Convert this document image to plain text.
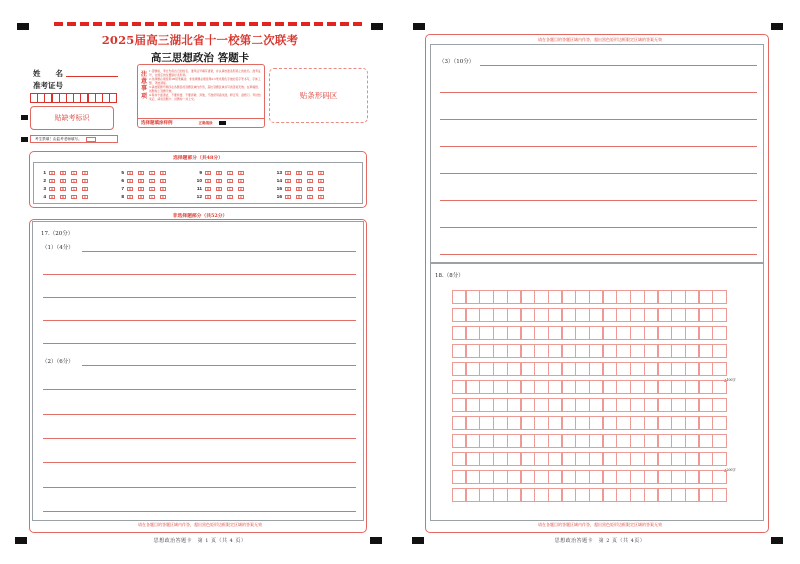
2025届高三湖北省十一校第二次联考
高三思想政治 答题卡
姓　　名
准考证号
贴缺考标识
考生禁填！由监考老师填写。
注
意
事
项
1.答题前，考生先将自己的姓名、准考证号填写清楚，并认真核准条形码上的姓名、准考证号，在规定的位置贴好条形码。
2.选择题必须使用2B铅笔填涂；非选择题必须使用0.5毫米黑色字迹的签字笔书写，字体工整、笔迹清楚。
3.请按照题号顺序在各题目的答题区域内作答，超出答题区域书写的答案无效；在草稿纸、试题卷上答题无效。
4.保持卡面清洁，不要折叠、不要弄破、弄皱，不准使用涂改液、修正带、刮纸刀。考试结束后，请将答题卡、试题卷一并上交。
选择题填涂样例	正确填涂
贴条形码区
选择题部分（共48分）
1	A	B	C	D
2	A	B	C	D
3	A	B	C	D
4	A	B	C	D
5	A	B	C	D
6	A	B	C	D
7	A	B	C	D
8	A	B	C	D
9	A	B	C	D
10	A	B	C	D
11	A	B	C	D
12	A	B	C	D
13	A	B	C	D
14	A	B	C	D
15	A	B	C	D
16	A	B	C	D
非选择题部分（共52分）
17.（20分）
（1）（4分）
（2）（6分）
请在各题目的答题区域内作答，超出黑色矩形边框限定区域的答案无效
思想政治答题卡　第 1 页（共 4 页）
请在各题目的答题区域内作答，超出黑色矩形边框限定区域的答案无效
（3）（10分）
18.（8分）
请在各题目的答题区域内作答，超出黑色矩形边框限定区域的答案无效
思想政治答题卡　第 2 页（共 4页）
▲100字
▲200字
